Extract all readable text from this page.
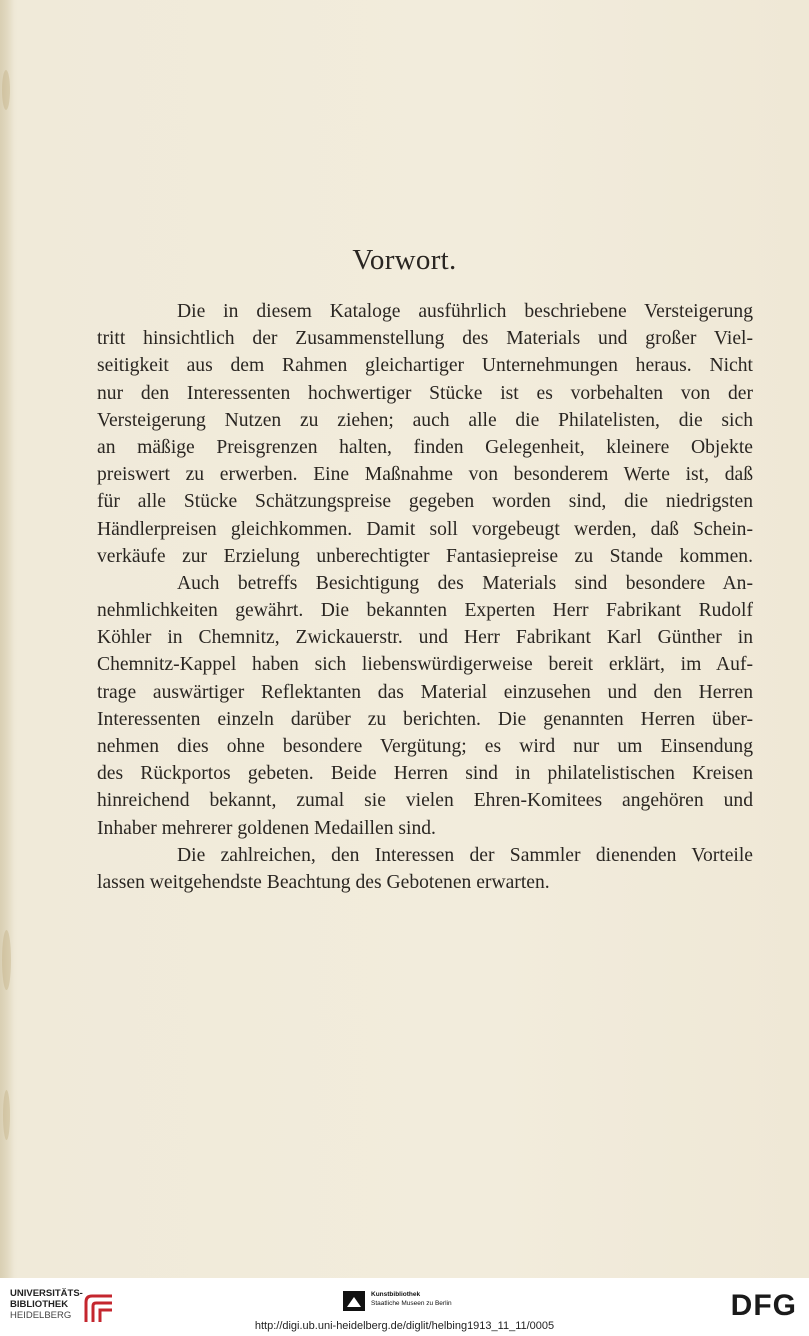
Vorwort.
Die in diesem Kataloge ausführlich beschriebene Versteigerung
tritt hinsichtlich der Zusammenstellung des Materials und großer Viel-
seitigkeit aus dem Rahmen gleichartiger Unternehmungen heraus. Nicht
nur den Interessenten hochwertiger Stücke ist es vorbehalten von der
Versteigerung Nutzen zu ziehen; auch alle die Philatelisten, die sich
an mäßige Preisgrenzen halten, finden Gelegenheit, kleinere Objekte
preiswert zu erwerben. Eine Maßnahme von besonderem Werte ist, daß
für alle Stücke Schätzungspreise gegeben worden sind, die niedrigsten
Händlerpreisen gleichkommen. Damit soll vorgebeugt werden, daß Schein-
verkäufe zur Erzielung unberechtigter Fantasiepreise zu Stande kommen.
Auch betreffs Besichtigung des Materials sind besondere An-
nehmlichkeiten gewährt. Die bekannten Experten Herr Fabrikant Rudolf
Köhler in Chemnitz, Zwickauerstr. und Herr Fabrikant Karl Günther in
Chemnitz-Kappel haben sich liebenswürdigerweise bereit erklärt, im Auf-
trage auswärtiger Reflektanten das Material einzusehen und den Herren
Interessenten einzeln darüber zu berichten. Die genannten Herren über-
nehmen dies ohne besondere Vergütung; es wird nur um Einsendung
des Rückportos gebeten. Beide Herren sind in philatelistischen Kreisen
hinreichend bekannt, zumal sie vielen Ehren-Komitees angehören und
Inhaber mehrerer goldenen Medaillen sind.
Die zahlreichen, den Interessen der Sammler dienenden Vorteile
lassen weitgehendste Beachtung des Gebotenen erwarten.
UNIVERSITÄTS-
BIBLIOTHEK
HEIDELBERG
Kunstbibliothek
Staatliche Museen zu Berlin
http://digi.ub.uni-heidelberg.de/diglit/helbing1913_11_11/0005
DFG
